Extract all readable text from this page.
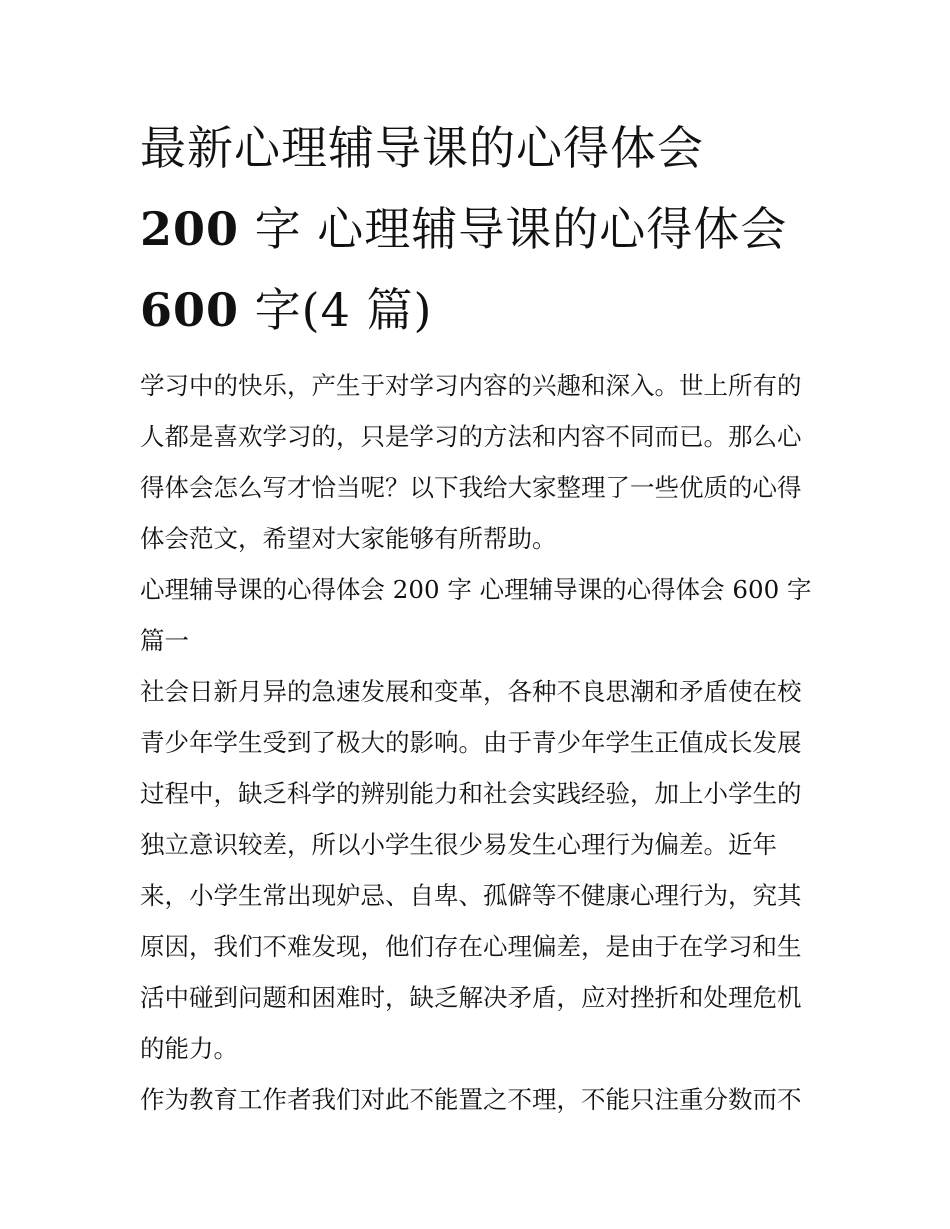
最新心理辅导课的心得体会
200 字 心理辅导课的心得体会
600 字(4 篇)

学习中的快乐，产生于对学习内容的兴趣和深入。世上所有的
人都是喜欢学习的，只是学习的方法和内容不同而已。那么心
得体会怎么写才恰当呢？以下我给大家整理了一些优质的心得
体会范文，希望对大家能够有所帮助。

心理辅导课的心得体会 200 字 心理辅导课的心得体会 600 字
篇一

社会日新月异的急速发展和变革，各种不良思潮和矛盾使在校
青少年学生受到了极大的影响。由于青少年学生正值成长发展
过程中，缺乏科学的辨别能力和社会实践经验，加上小学生的
独立意识较差，所以小学生很少易发生心理行为偏差。近年
来，小学生常出现妒忌、自卑、孤僻等不健康心理行为，究其
原因，我们不难发现，他们存在心理偏差，是由于在学习和生
活中碰到问题和困难时，缺乏解决矛盾，应对挫折和处理危机
的能力。

作为教育工作者我们对此不能置之不理，不能只注重分数而不
